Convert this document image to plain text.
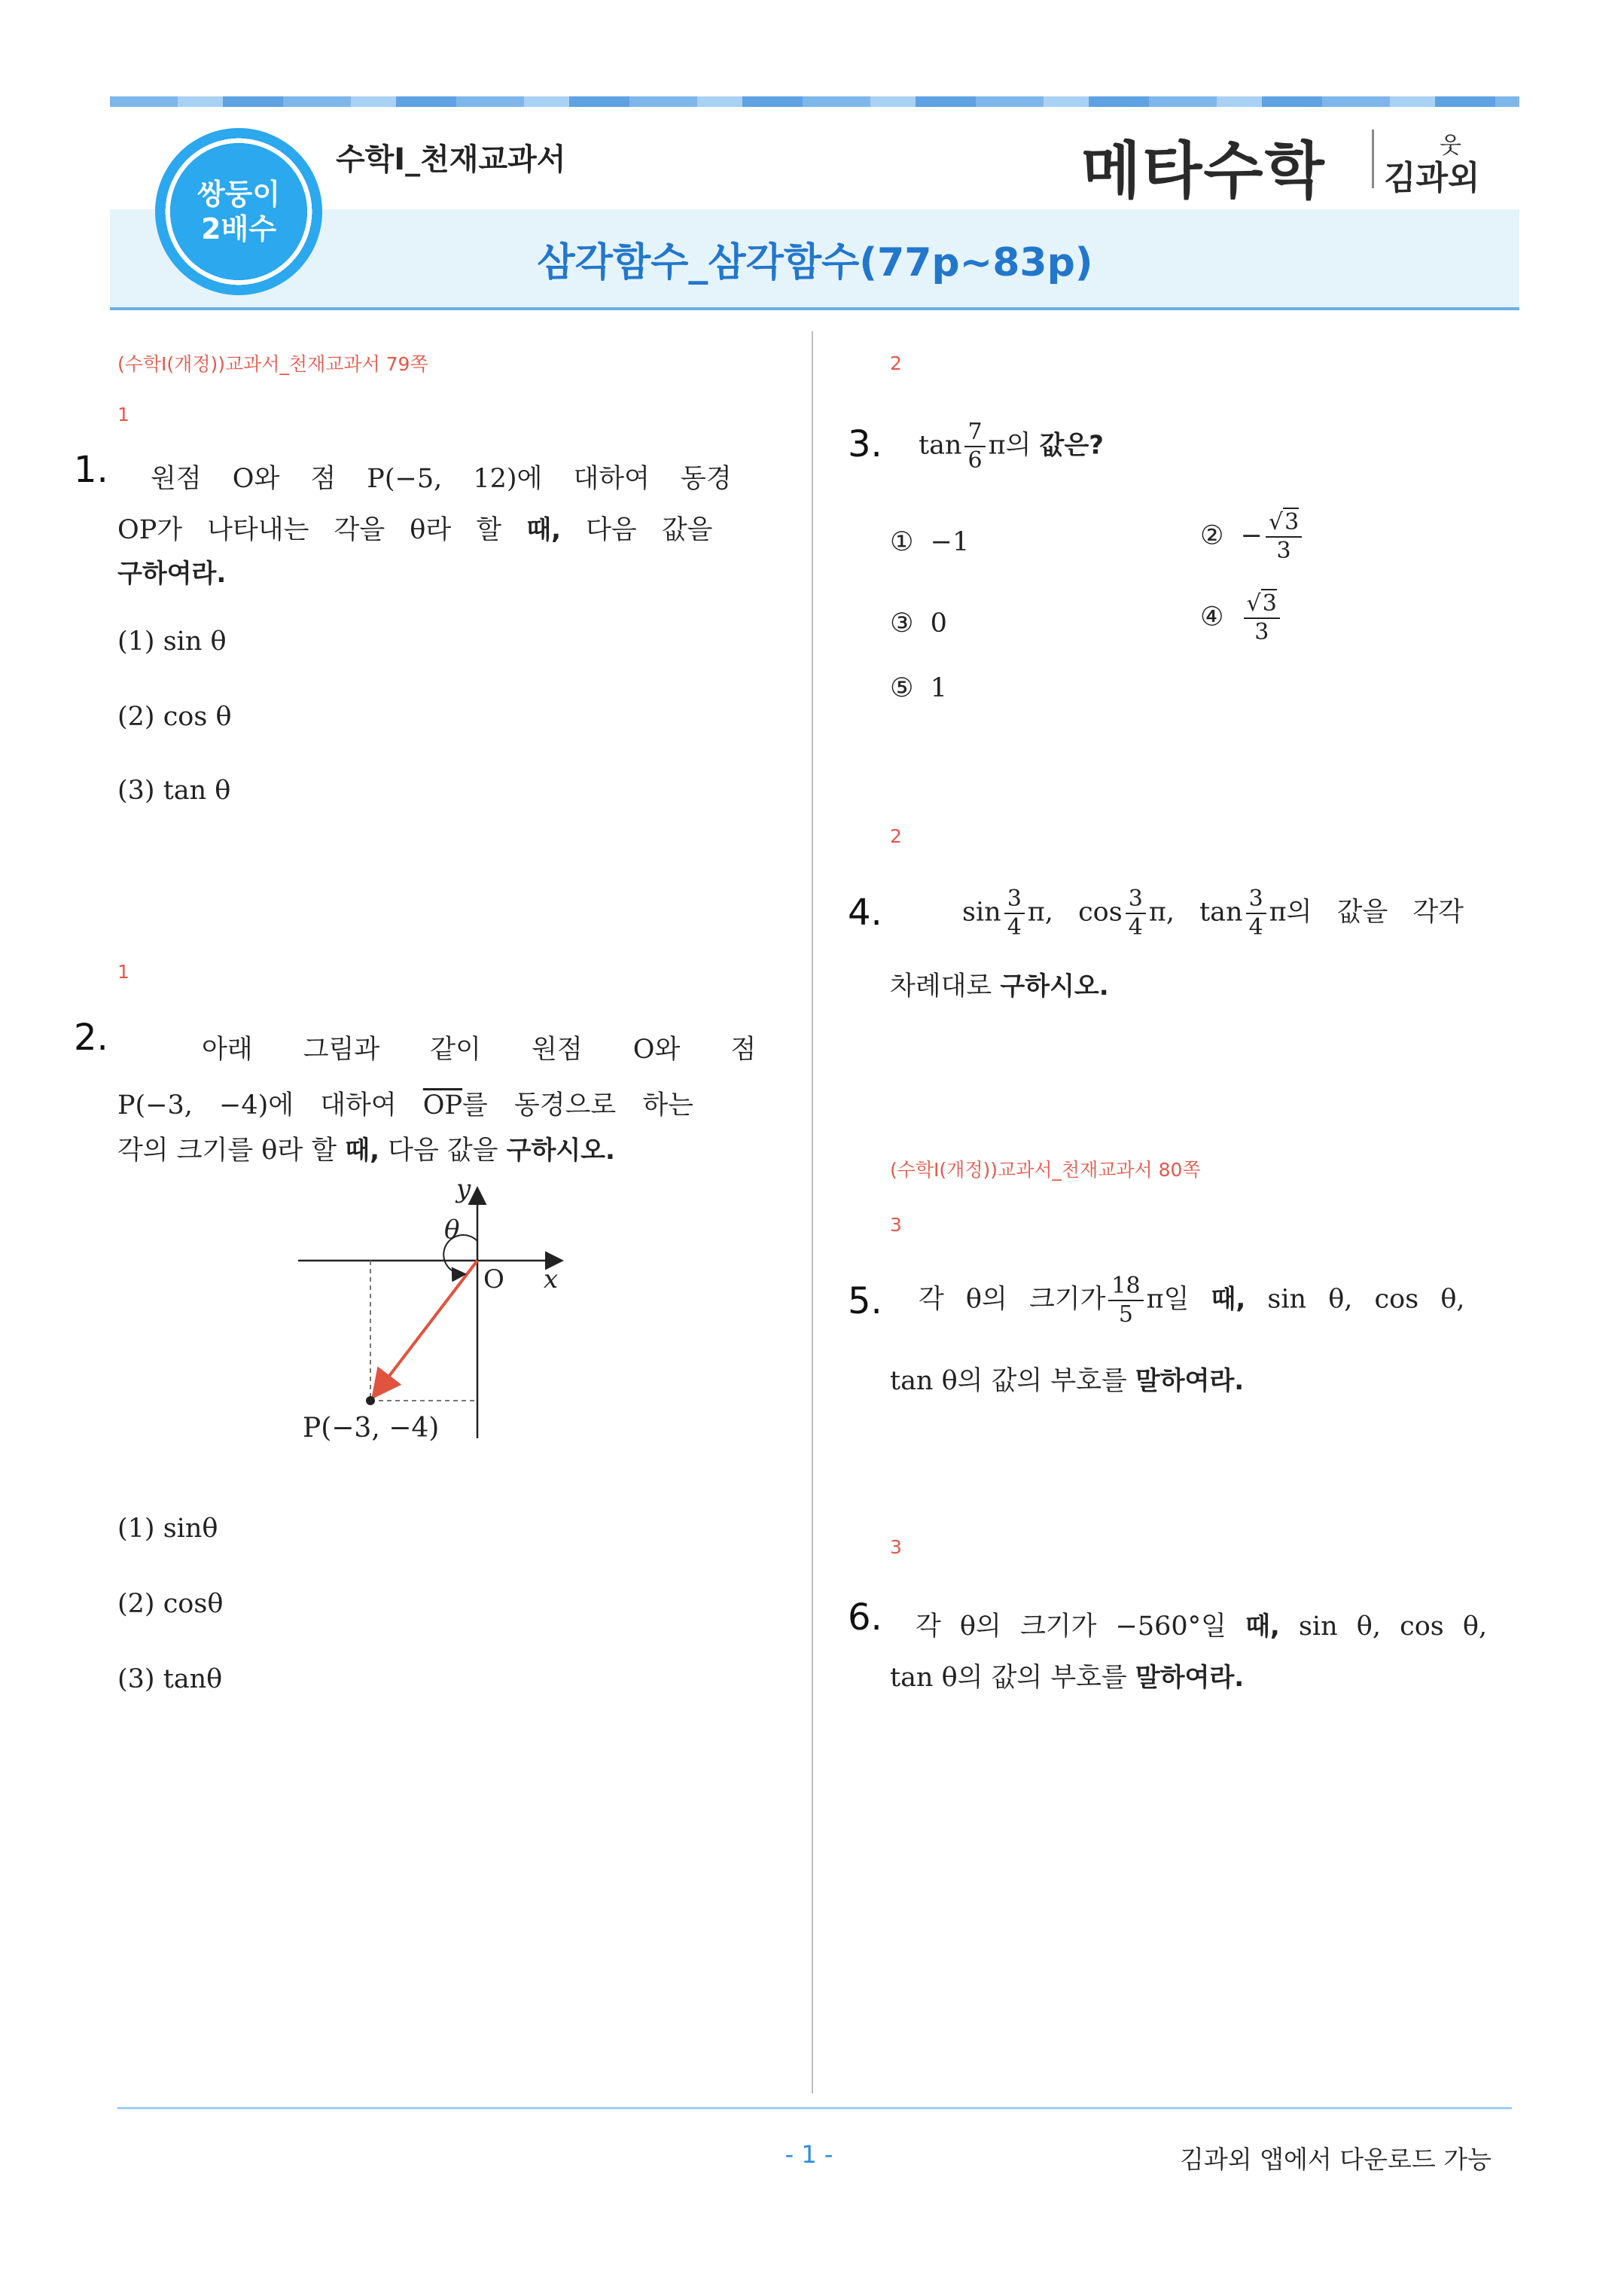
쌍둥이
2배수
수학Ⅰ_천재교과서	메타수학	웃
김과외
삼각함수_삼각함수(77p~83p)
(수학Ⅰ(개정))교과서_천재교과서 79쪽
1
1. 원점 O와 점 P(−5, 12)에 대하여 동경
OP가 나타내는 각을 θ라 할 때, 다음 값을
구하여라.
(1) sin θ
(2) cos θ
(3) tan θ
1
2.	아래 그림과 같이 원점 O와 점
P(−3, −4)에 대하여 $\overline{OP}$를 동경으로 하는
각의 크기를 θ라 할 때, 다음 값을 구하시오.
y
x
O
θ
P(−3, −4)
(1) sinθ
(2) cosθ
(3) tanθ
2
3. $\tan \frac{7}{6}$ π의 값은?
① −1	② − $\frac{√3}{3}$
③ 0	④ $\frac{√3}{3}$
⑤ 1
2
4.	$\sin \frac{3}{4} \pi$, $\cos \frac{3}{4} \pi$, $\tan \frac{3}{4}$ π의 값을 각각
차례대로 구하시오.
(수학Ⅰ(개정))교과서_천재교과서 80쪽
3
5. 각 θ의 크기가 $\frac{18}{5}$ π일 때, sin θ, cos θ,
tan θ의 값의 부호를 말하여라.
3
6. 각 θ의 크기가 −560°일 때, sin θ, cos θ,
tan θ의 값의 부호를 말하여라.
- 1 -	김과외 앱에서 다운로드 가능
